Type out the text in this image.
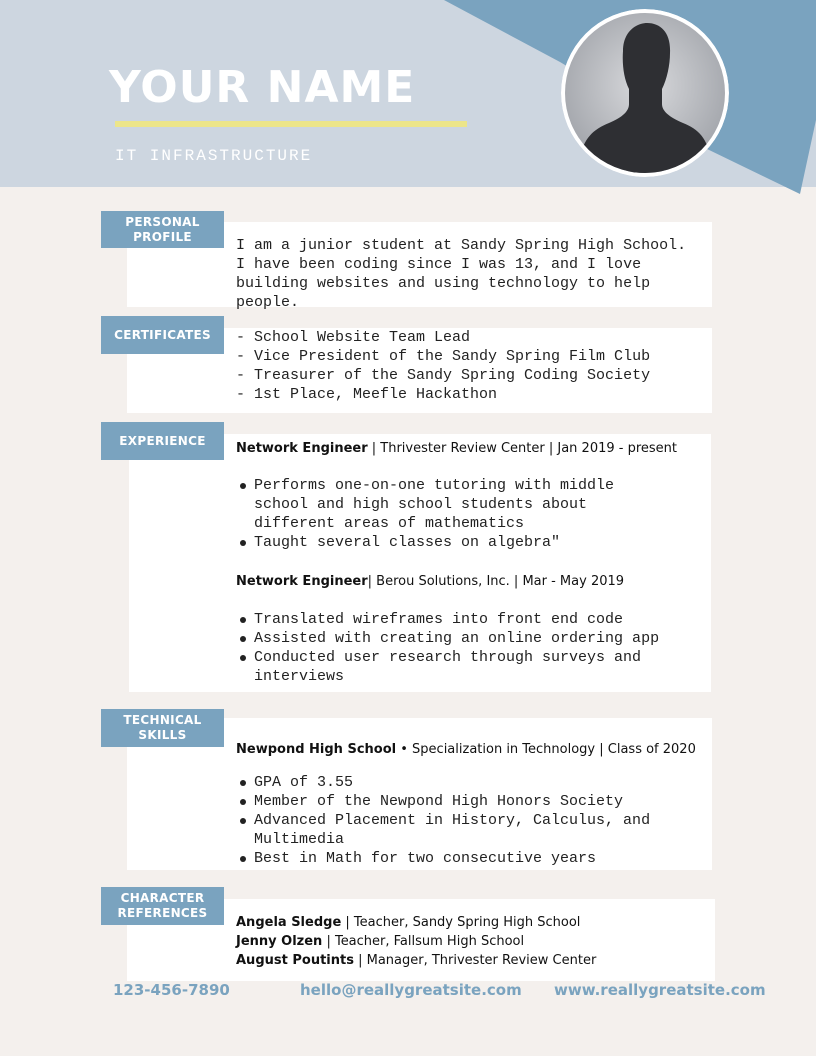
YOUR NAME
IT INFRASTRUCTURE
PERSONAL
PROFILE
I am a junior student at Sandy Spring High School. I have been coding since I was 13, and I love building websites and using technology to help people.
CERTIFICATES	- School Website Team Lead
- Vice President of the Sandy Spring Film Club
- Treasurer of the Sandy Spring Coding Society
- 1st Place, Meefle Hackathon
EXPERIENCE
Network Engineer | Thrivester Review Center | Jan 2019 - present
Performs one-on-one tutoring with middle school and high school students about different areas of mathematics
Taught several classes on algebra"
Network Engineer| Berou Solutions, Inc. | Mar - May 2019
Translated wireframes into front end code
Assisted with creating an online ordering app
Conducted user research through surveys and interviews
TECHNICAL
SKILLS
Newpond High School • Specialization in Technology | Class of 2020
GPA of 3.55
Member of the Newpond High Honors Society
Advanced Placement in History, Calculus, and Multimedia
Best in Math for two consecutive years
CHARACTER
REFERENCES
Angela Sledge | Teacher, Sandy Spring High School
Jenny Olzen | Teacher, Fallsum High School
August Poutints | Manager, Thrivester Review Center
123-456-7890	hello@reallygreatsite.com www.reallygreatsite.com
